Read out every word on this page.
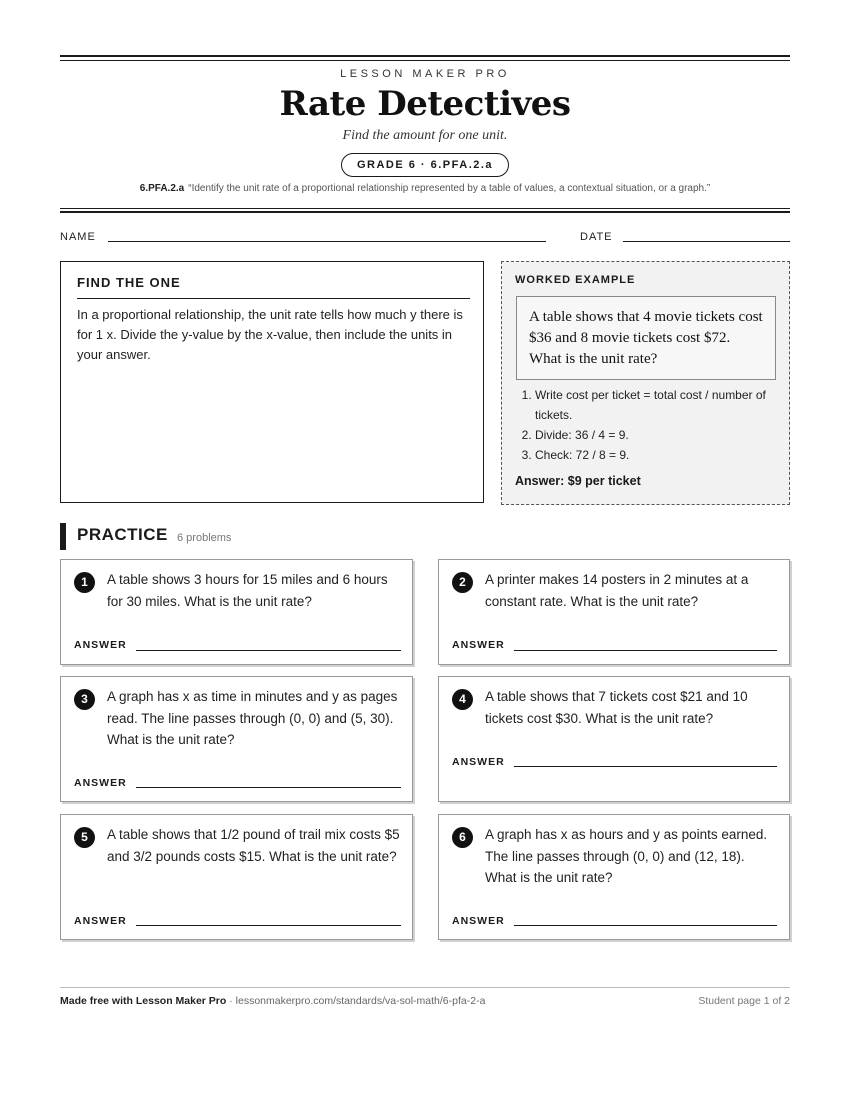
LESSON MAKER PRO
Rate Detectives
Find the amount for one unit.
GRADE 6 · 6.PFA.2.a
6.PFA.2.a “Identify the unit rate of a proportional relationship represented by a table of values, a contextual situation, or a graph.”
NAME	DATE
FIND THE ONE
In a proportional relationship, the unit rate tells how much y there is for 1 x. Divide the y-value by the x-value, then include the units in your answer.
WORKED EXAMPLE
A table shows that 4 movie tickets cost $36 and 8 movie tickets cost $72. What is the unit rate?
1. Write cost per ticket = total cost / number of tickets.
2. Divide: 36 / 4 = 9.
3. Check: 72 / 8 = 9.
Answer: $9 per ticket
PRACTICE 6 problems
1	A table shows 3 hours for 15 miles and 6 hours for 30 miles. What is the unit rate?
ANSWER
2	A printer makes 14 posters in 2 minutes at a constant rate. What is the unit rate?
ANSWER
3	A graph has x as time in minutes and y as pages read. The line passes through (0, 0) and (5, 30). What is the unit rate?
ANSWER
4	A table shows that 7 tickets cost $21 and 10 tickets cost $30. What is the unit rate?
ANSWER
5	A table shows that 1/2 pound of trail mix costs $5 and 3/2 pounds costs $15. What is the unit rate?
ANSWER
6	A graph has x as hours and y as points earned. The line passes through (0, 0) and (12, 18). What is the unit rate?
ANSWER
Made free with Lesson Maker Pro · lessonmakerpro.com/standards/va-sol-math/6-pfa-2-a	Student page 1 of 2
